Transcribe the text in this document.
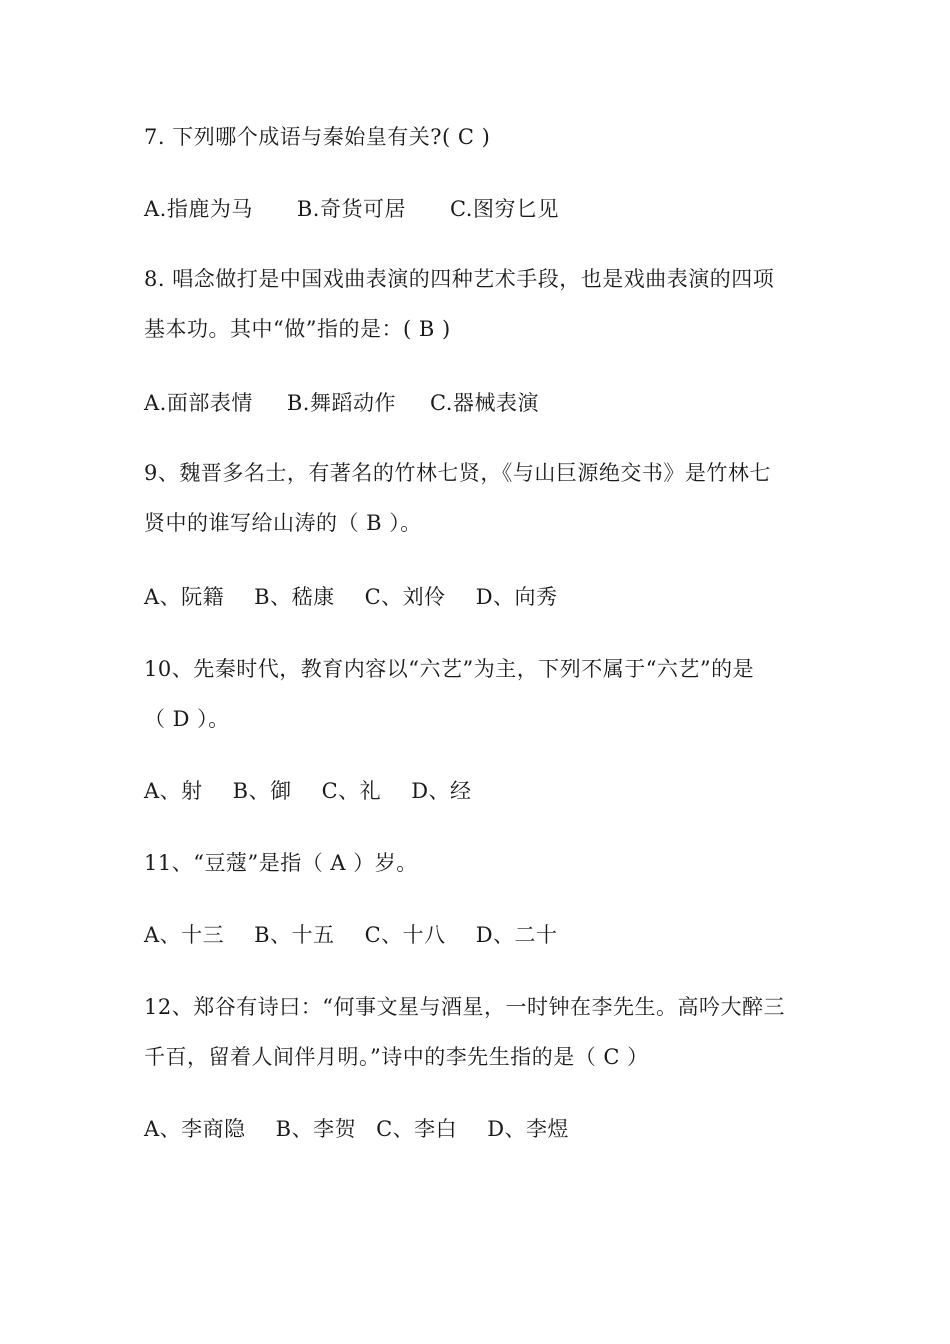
7. 下列哪个成语与秦始皇有关?( C )
A.指鹿为马 B.奇货可居 C.图穷匕见
8. 唱念做打是中国戏曲表演的四种艺术手段，也是戏曲表演的四项
基本功。其中“做”指的是：( B )
A.面部表情 B.舞蹈动作 C.器械表演
9、魏晋多名士，有著名的竹林七贤，《与山巨源绝交书》是竹林七
贤中的谁写给山涛的（ B ）。
A、阮籍 B、嵇康 C、刘伶 D、向秀
10、先秦时代，教育内容以“六艺”为主，下列不属于“六艺”的是
（ D ）。
A、射 B、御 C、礼 D、经
11、“豆蔻”是指（ A ）岁。
A、十三 B、十五 C、十八 D、二十
12、郑谷有诗曰：“何事文星与酒星，一时钟在李先生。高吟大醉三
千百，留着人间伴月明。”诗中的李先生指的是（ C ）
A、李商隐 B、李贺 C、李白 D、李煜
